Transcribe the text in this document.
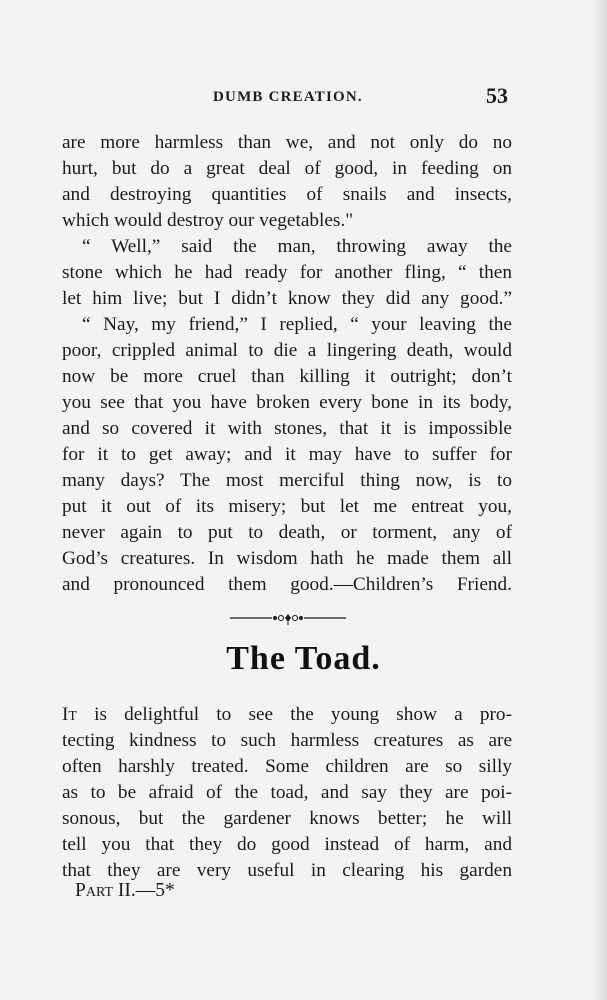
DUMB CREATION.	53
are more harmless than we, and not only do no
hurt, but do a great deal of good, in feeding on
and destroying quantities of snails and insects,
which would destroy our vegetables."
“ Well,” said the man, throwing away the
stone which he had ready for another fling, “ then
let him live; but I didn’t know they did any good.”
“ Nay, my friend,” I replied, “ your leaving the
poor, crippled animal to die a lingering death, would
now be more cruel than killing it outright; don’t
you see that you have broken every bone in its body,
and so covered it with stones, that it is impossible
for it to get away; and it may have to suffer for
many days? The most merciful thing now, is to
put it out of its misery; but let me entreat you,
never again to put to death, or torment, any of
God’s creatures. In wisdom hath he made them all
and pronounced them good.—Children’s Friend.
The Toad.
It is delightful to see the young show a pro-
tecting kindness to such harmless creatures as are
often harshly treated. Some children are so silly
as to be afraid of the toad, and say they are poi-
sonous, but the gardener knows better; he will
tell you that they do good instead of harm, and
that they are very useful in clearing his garden
Part II.—5*
